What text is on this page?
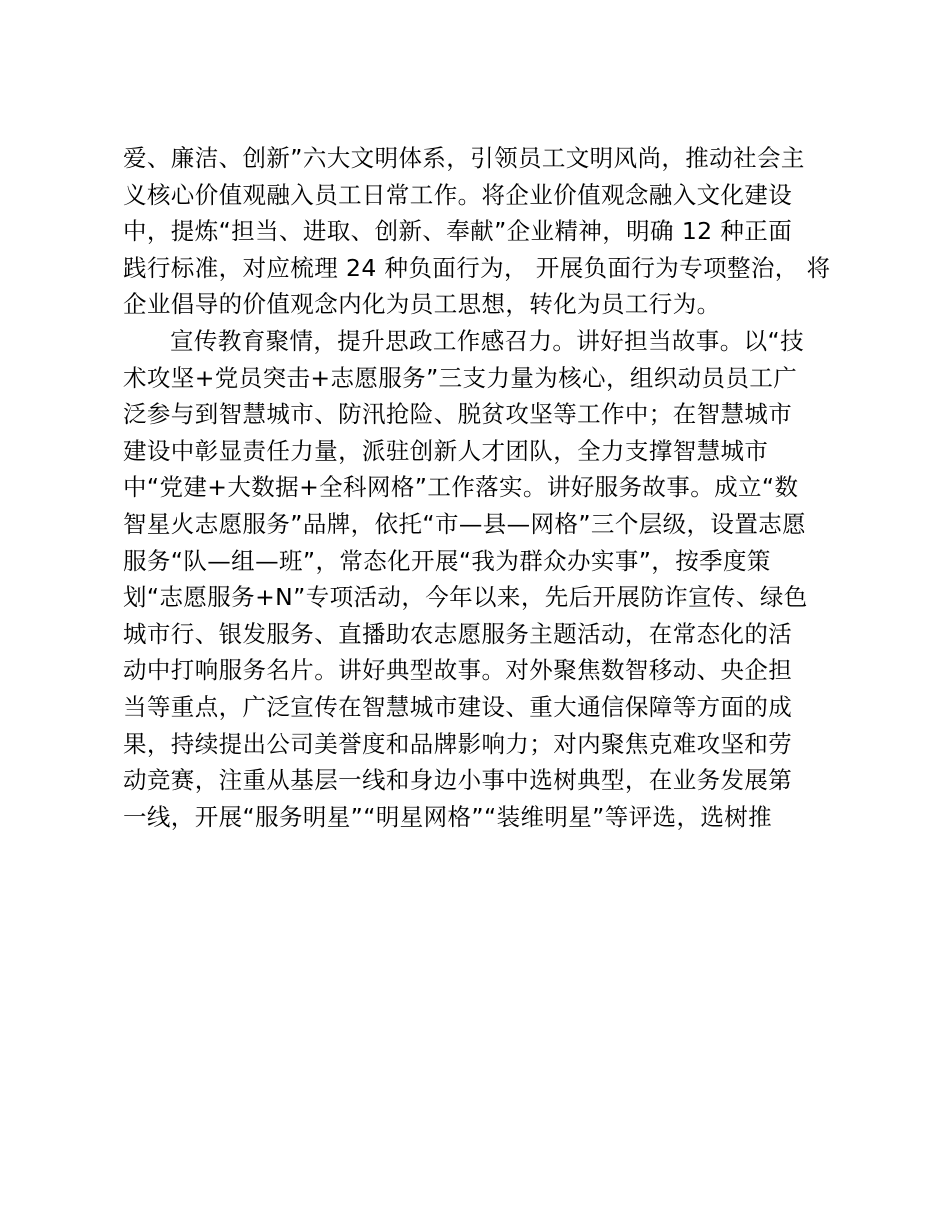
爱、廉洁、创新”六大文明体系，引领员工文明风尚，推动社会主
义核心价值观融入员工日常工作。将企业价值观念融入文化建设
中，提炼“担当、进取、创新、奉献”企业精神，明确 12 种正面
践行标准，对应梳理 24 种负面行为， 开展负面行为专项整治， 将
企业倡导的价值观念内化为员工思想，转化为员工行为。
宣传教育聚情，提升思政工作感召力。讲好担当故事。以“技
术攻坚+党员突击+志愿服务”三支力量为核心，组织动员员工广
泛参与到智慧城市、防汛抢险、脱贫攻坚等工作中；在智慧城市
建设中彰显责任力量，派驻创新人才团队，全力支撑智慧城市
中“党建+大数据+全科网格”工作落实。讲好服务故事。成立“数
智星火志愿服务”品牌，依托“市—县—网格”三个层级，设置志愿
服务“队—组—班”，常态化开展“我为群众办实事”，按季度策
划“志愿服务+N”专项活动，今年以来，先后开展防诈宣传、绿色
城市行、银发服务、直播助农志愿服务主题活动，在常态化的活
动中打响服务名片。讲好典型故事。对外聚焦数智移动、央企担
当等重点，广泛宣传在智慧城市建设、重大通信保障等方面的成
果，持续提出公司美誉度和品牌影响力；对内聚焦克难攻坚和劳
动竞赛，注重从基层一线和身边小事中选树典型，在业务发展第
一线，开展“服务明星”“明星网格”“装维明星”等评选，选树推
